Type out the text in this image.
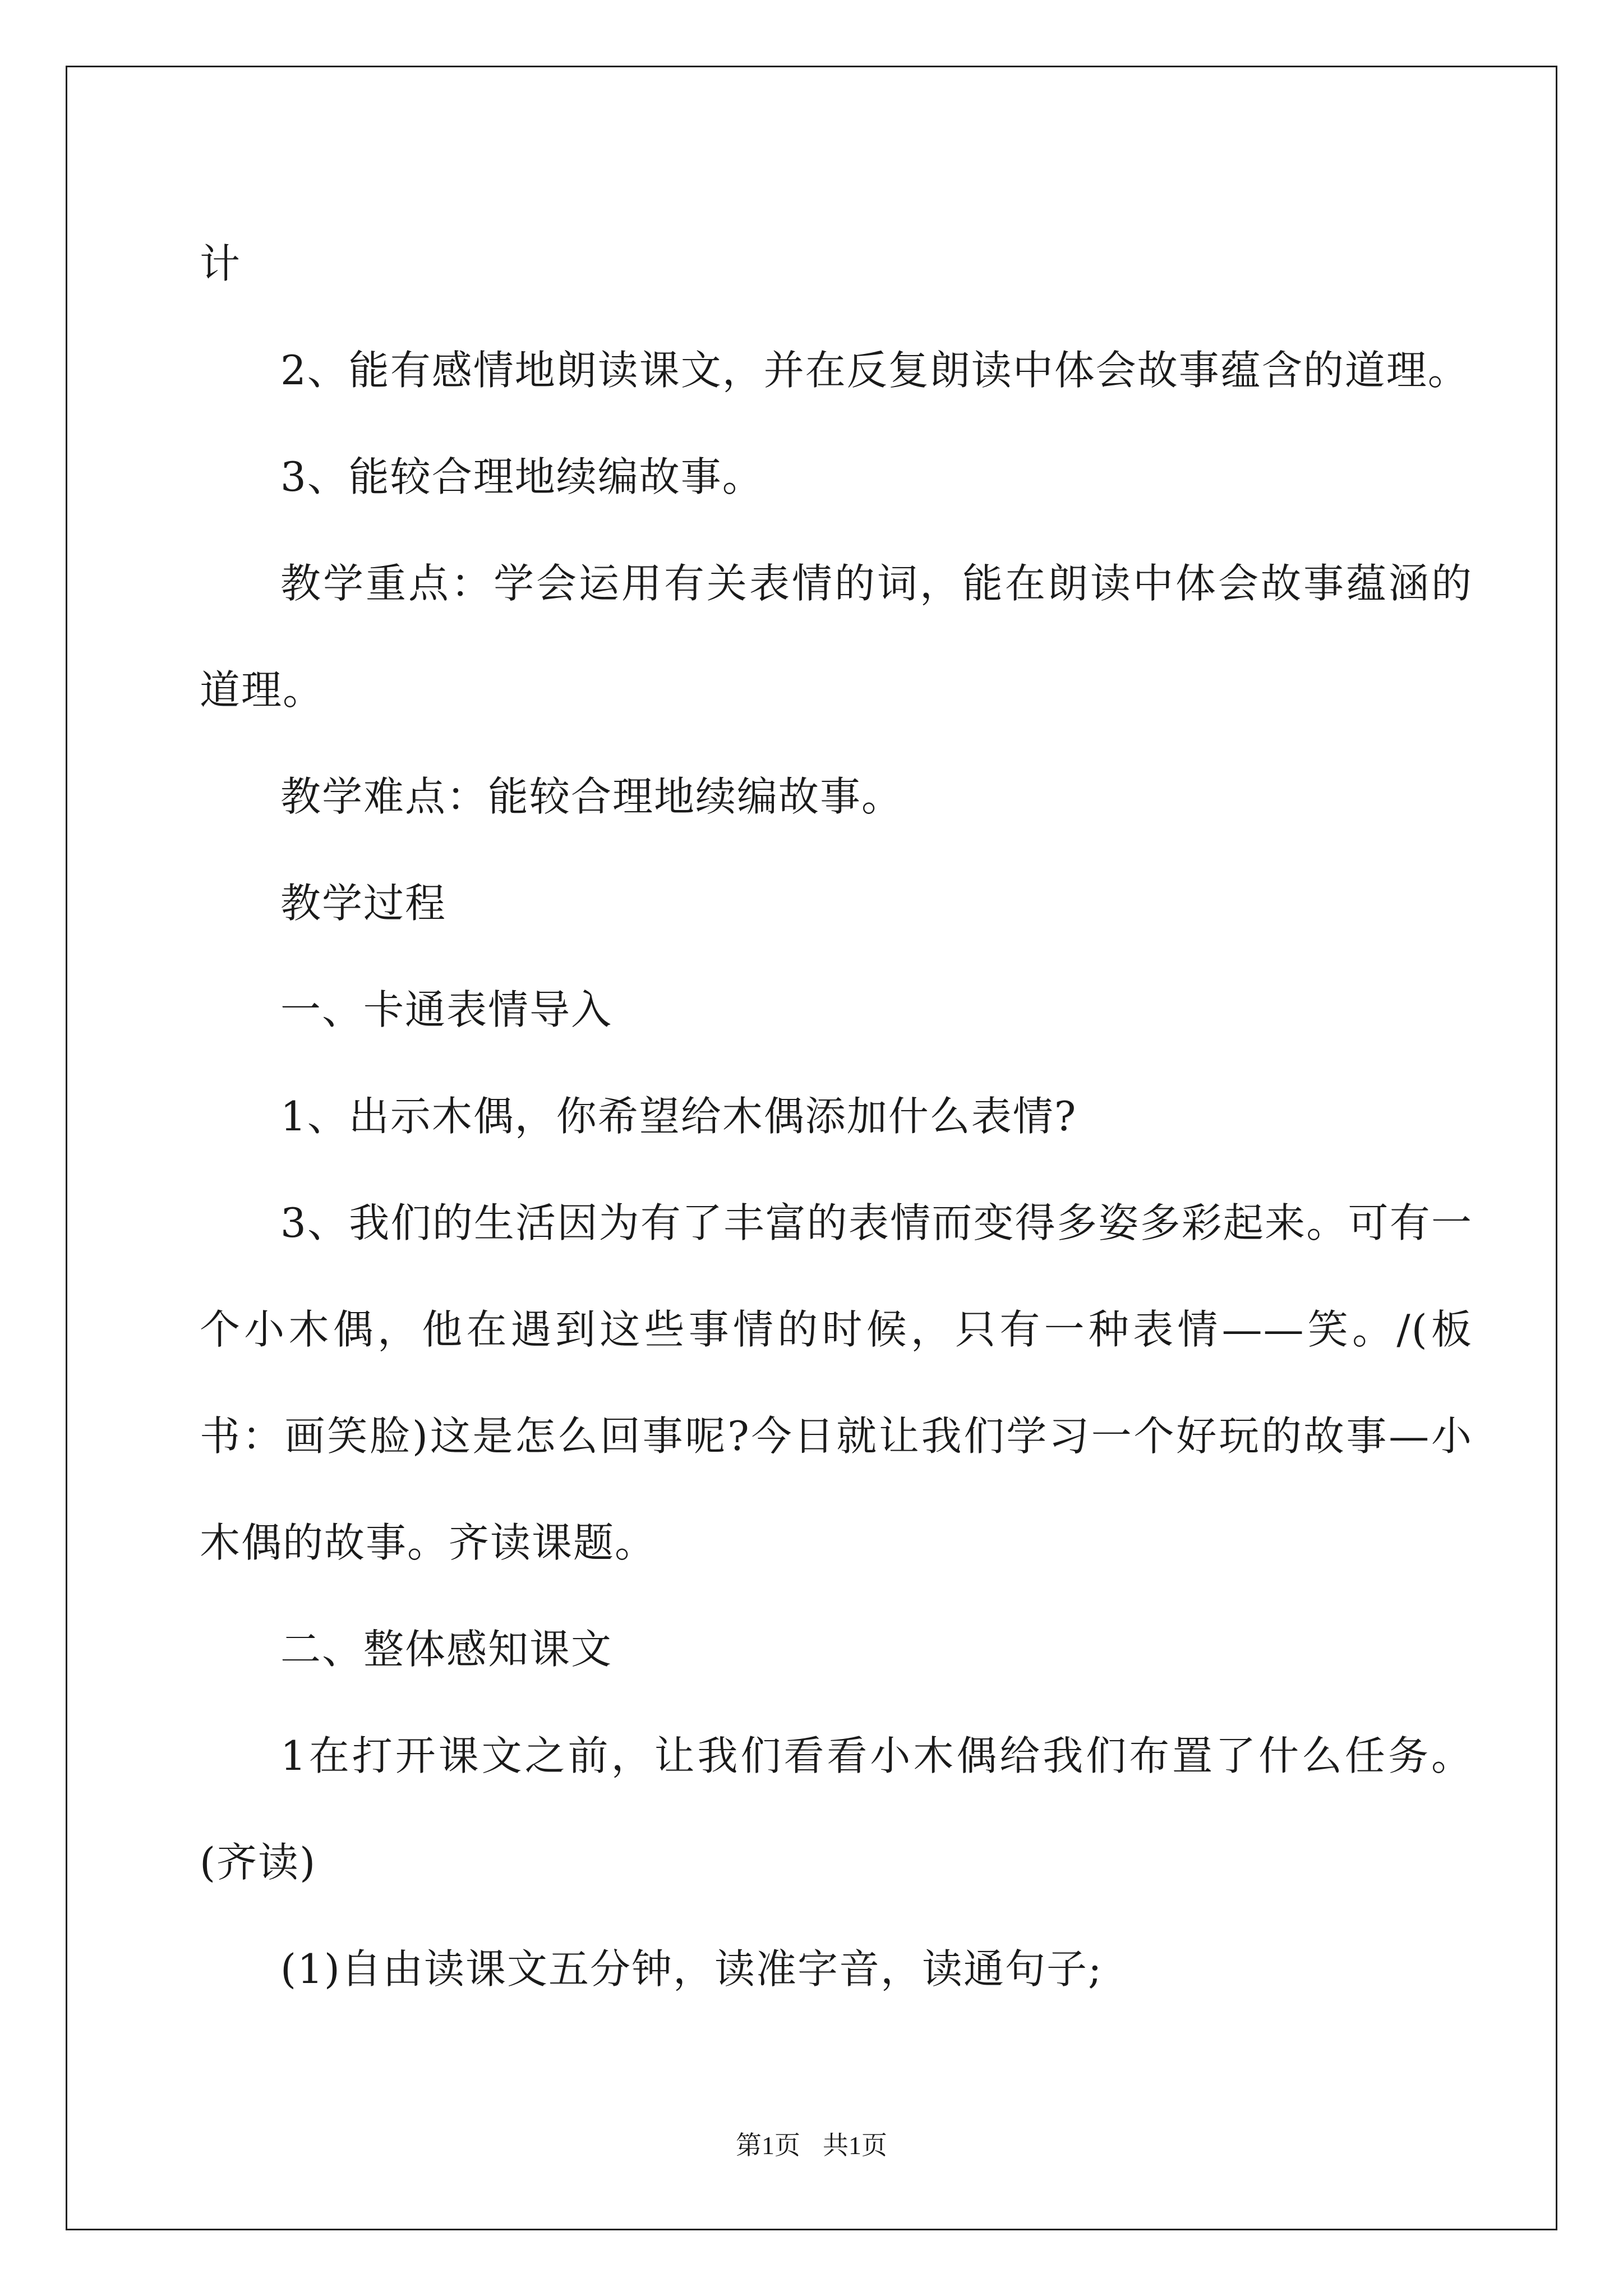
计

2、能有感情地朗读课文，并在反复朗读中体会故事蕴含的道理。

3、能较合理地续编故事。

教学重点：学会运用有关表情的词，能在朗读中体会故事蕴涵的道理。

教学难点：能较合理地续编故事。

教学过程

一、卡通表情导入

1、出示木偶，你希望给木偶添加什么表情?

3、我们的生活因为有了丰富的表情而变得多姿多彩起来。可有一个小木偶，他在遇到这些事情的时候，只有一种表情——笑。/(板书：画笑脸)这是怎么回事呢?今日就让我们学习一个好玩的故事—小木偶的故事。齐读课题。

二、整体感知课文

1在打开课文之前，让我们看看小木偶给我们布置了什么任务。(齐读)

(1)自由读课文五分钟，读准字音，读通句子;

第1页 共1页
